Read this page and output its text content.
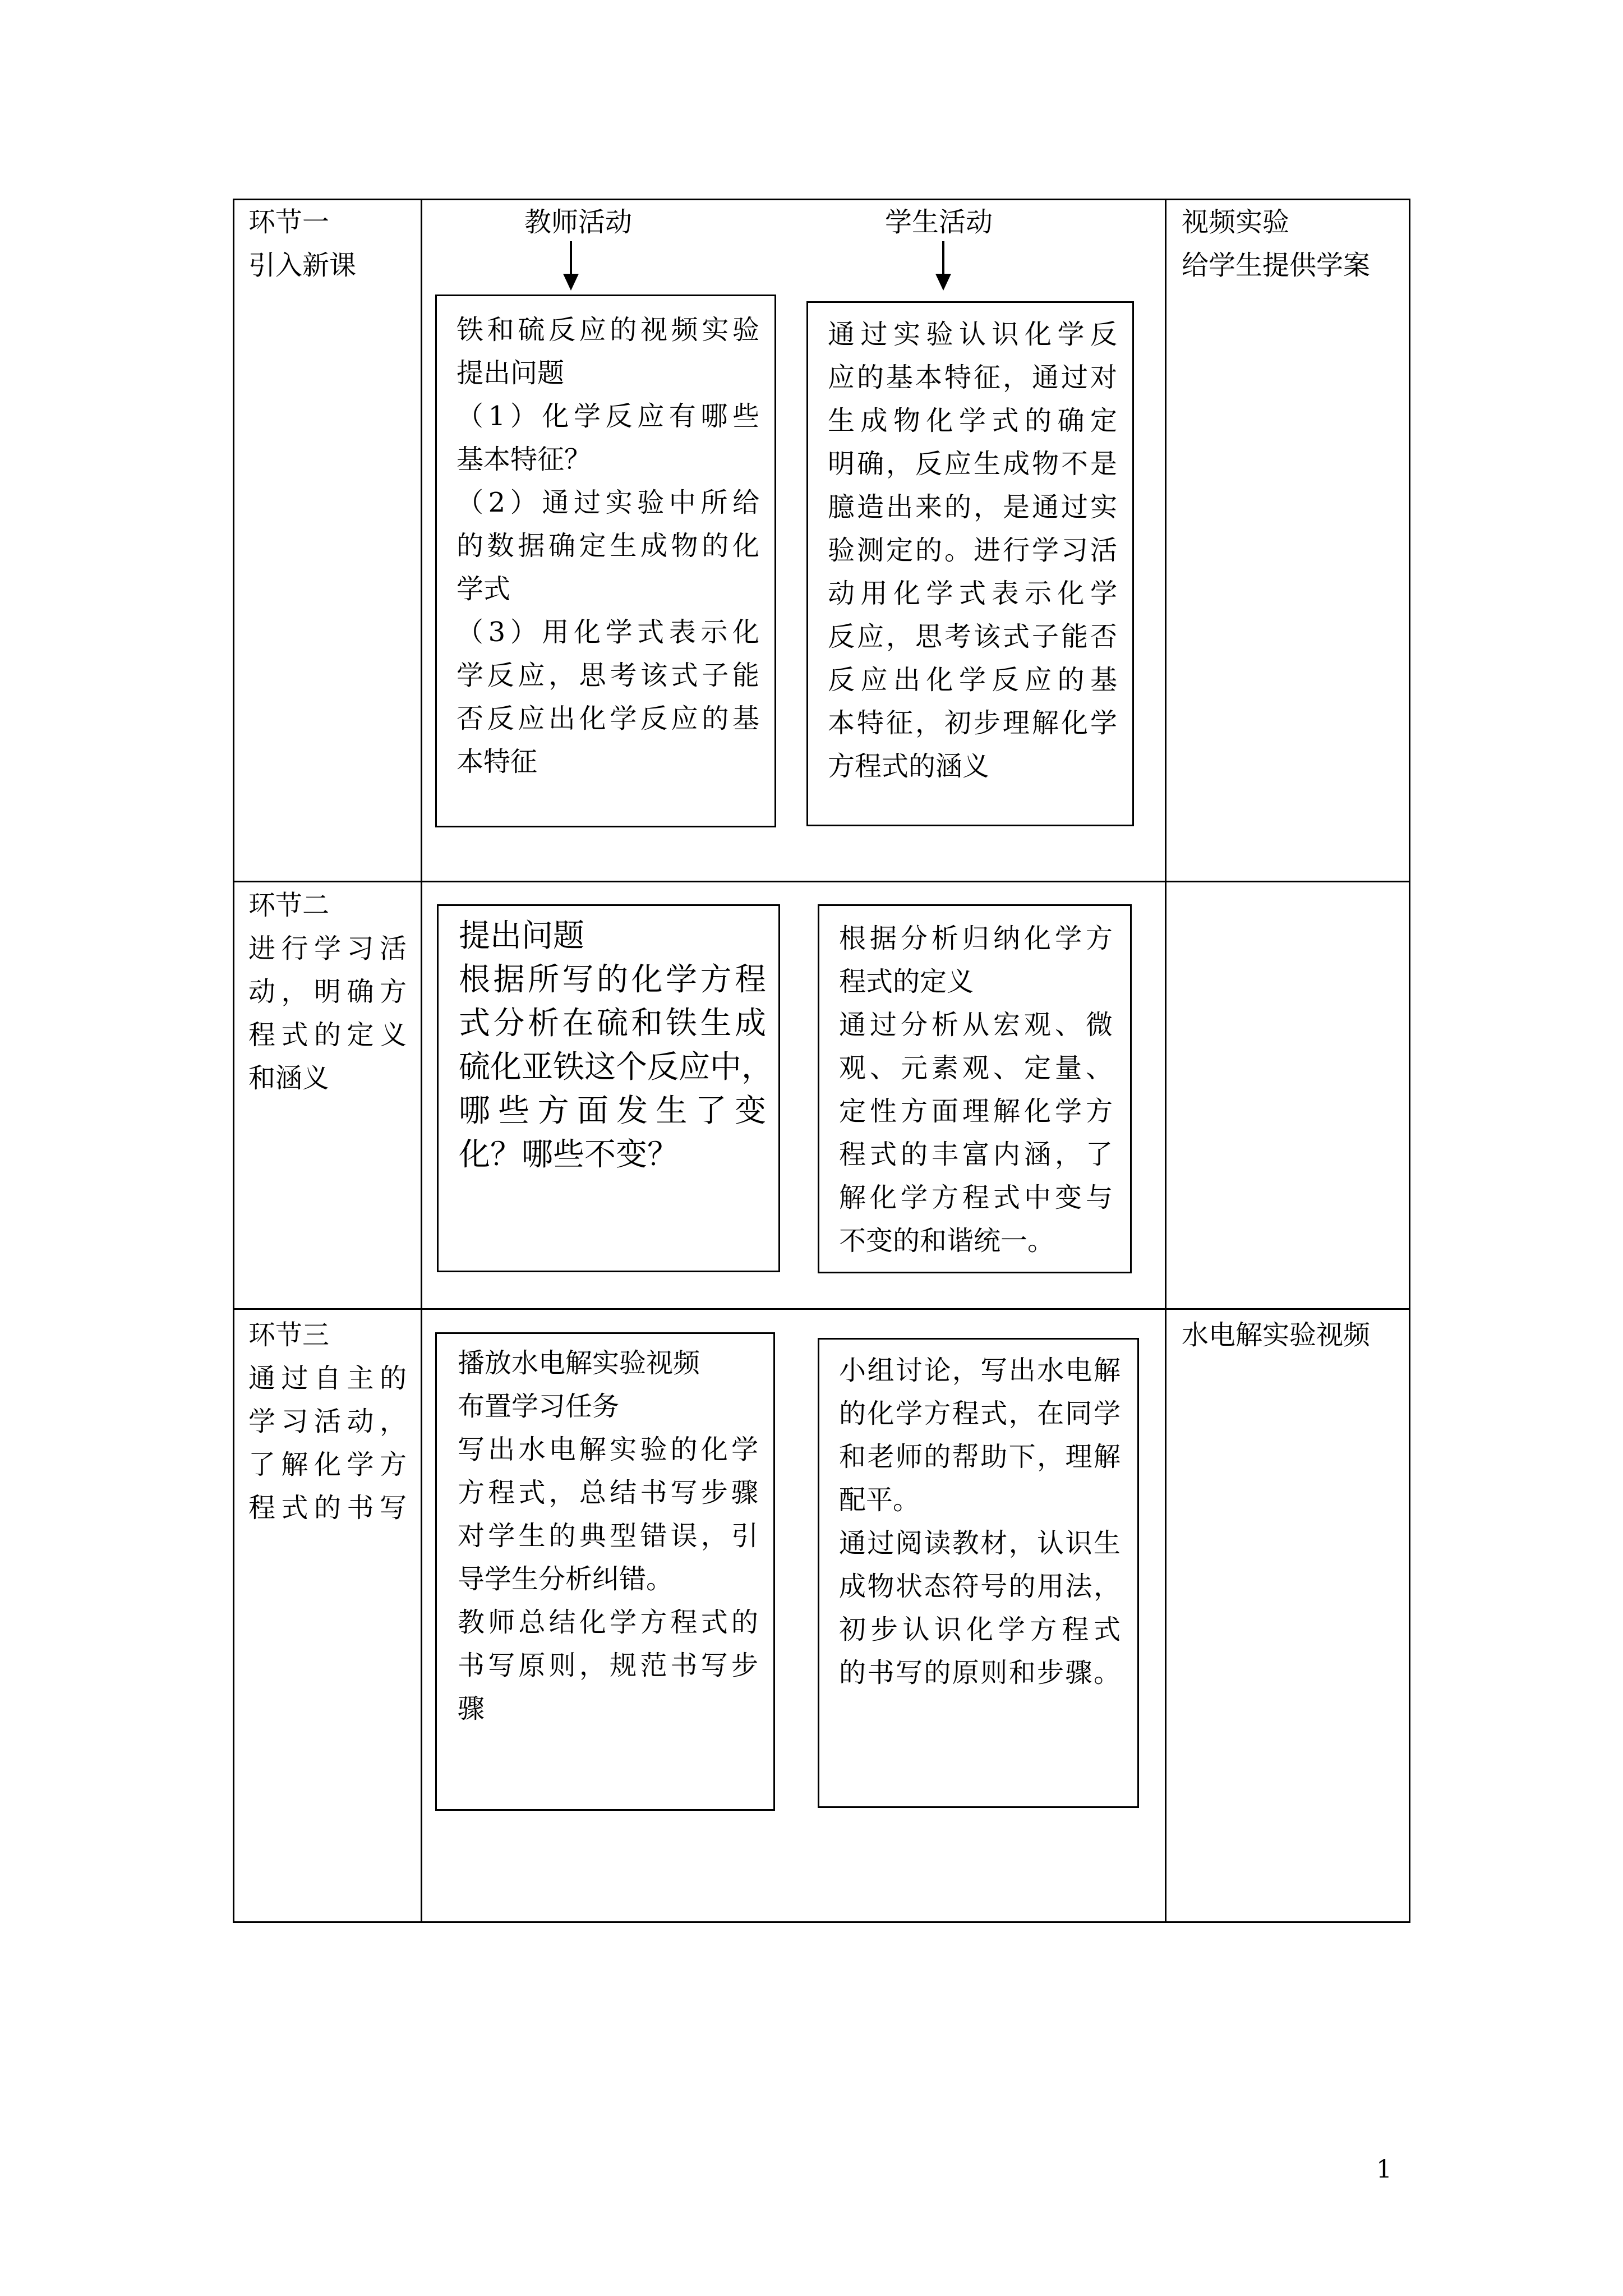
环节一
引入新课
教师活动	学生活动	视频实验
给学生提供学案
铁和硫反应的视频实验
提出问题
（1）化学反应有哪些
基本特征？
（2）通过实验中所给
的数据确定生成物的化
学式
（3）用化学式表示化
学反应，思考该式子能
否反应出化学反应的基
本特征
通过实验认识化学反
应的基本特征，通过对
生成物化学式的确定
明确，反应生成物不是
臆造出来的，是通过实
验测定的。进行学习活
动用化学式表示化学
反应，思考该式子能否
反应出化学反应的基
本特征，初步理解化学
方程式的涵义
环节二
进行学习活
动，明确方
程式的定义
和涵义
提出问题
根据所写的化学方程
式分析在硫和铁生成
硫化亚铁这个反应中，
哪些方面发生了变
化？哪些不变？
根据分析归纳化学方
程式的定义
通过分析从宏观、微
观、元素观、定量、
定性方面理解化学方
程式的丰富内涵，了
解化学方程式中变与
不变的和谐统一。
环节三
通过自主的
学习活动，
了解化学方
程式的书写
水电解实验视频
播放水电解实验视频
布置学习任务
写出水电解实验的化学
方程式，总结书写步骤
对学生的典型错误，引
导学生分析纠错。
教师总结化学方程式的
书写原则，规范书写步
骤
小组讨论，写出水电解
的化学方程式，在同学
和老师的帮助下，理解
配平。
通过阅读教材，认识生
成物状态符号的用法，
初步认识化学方程式
的书写的原则和步骤。
1
